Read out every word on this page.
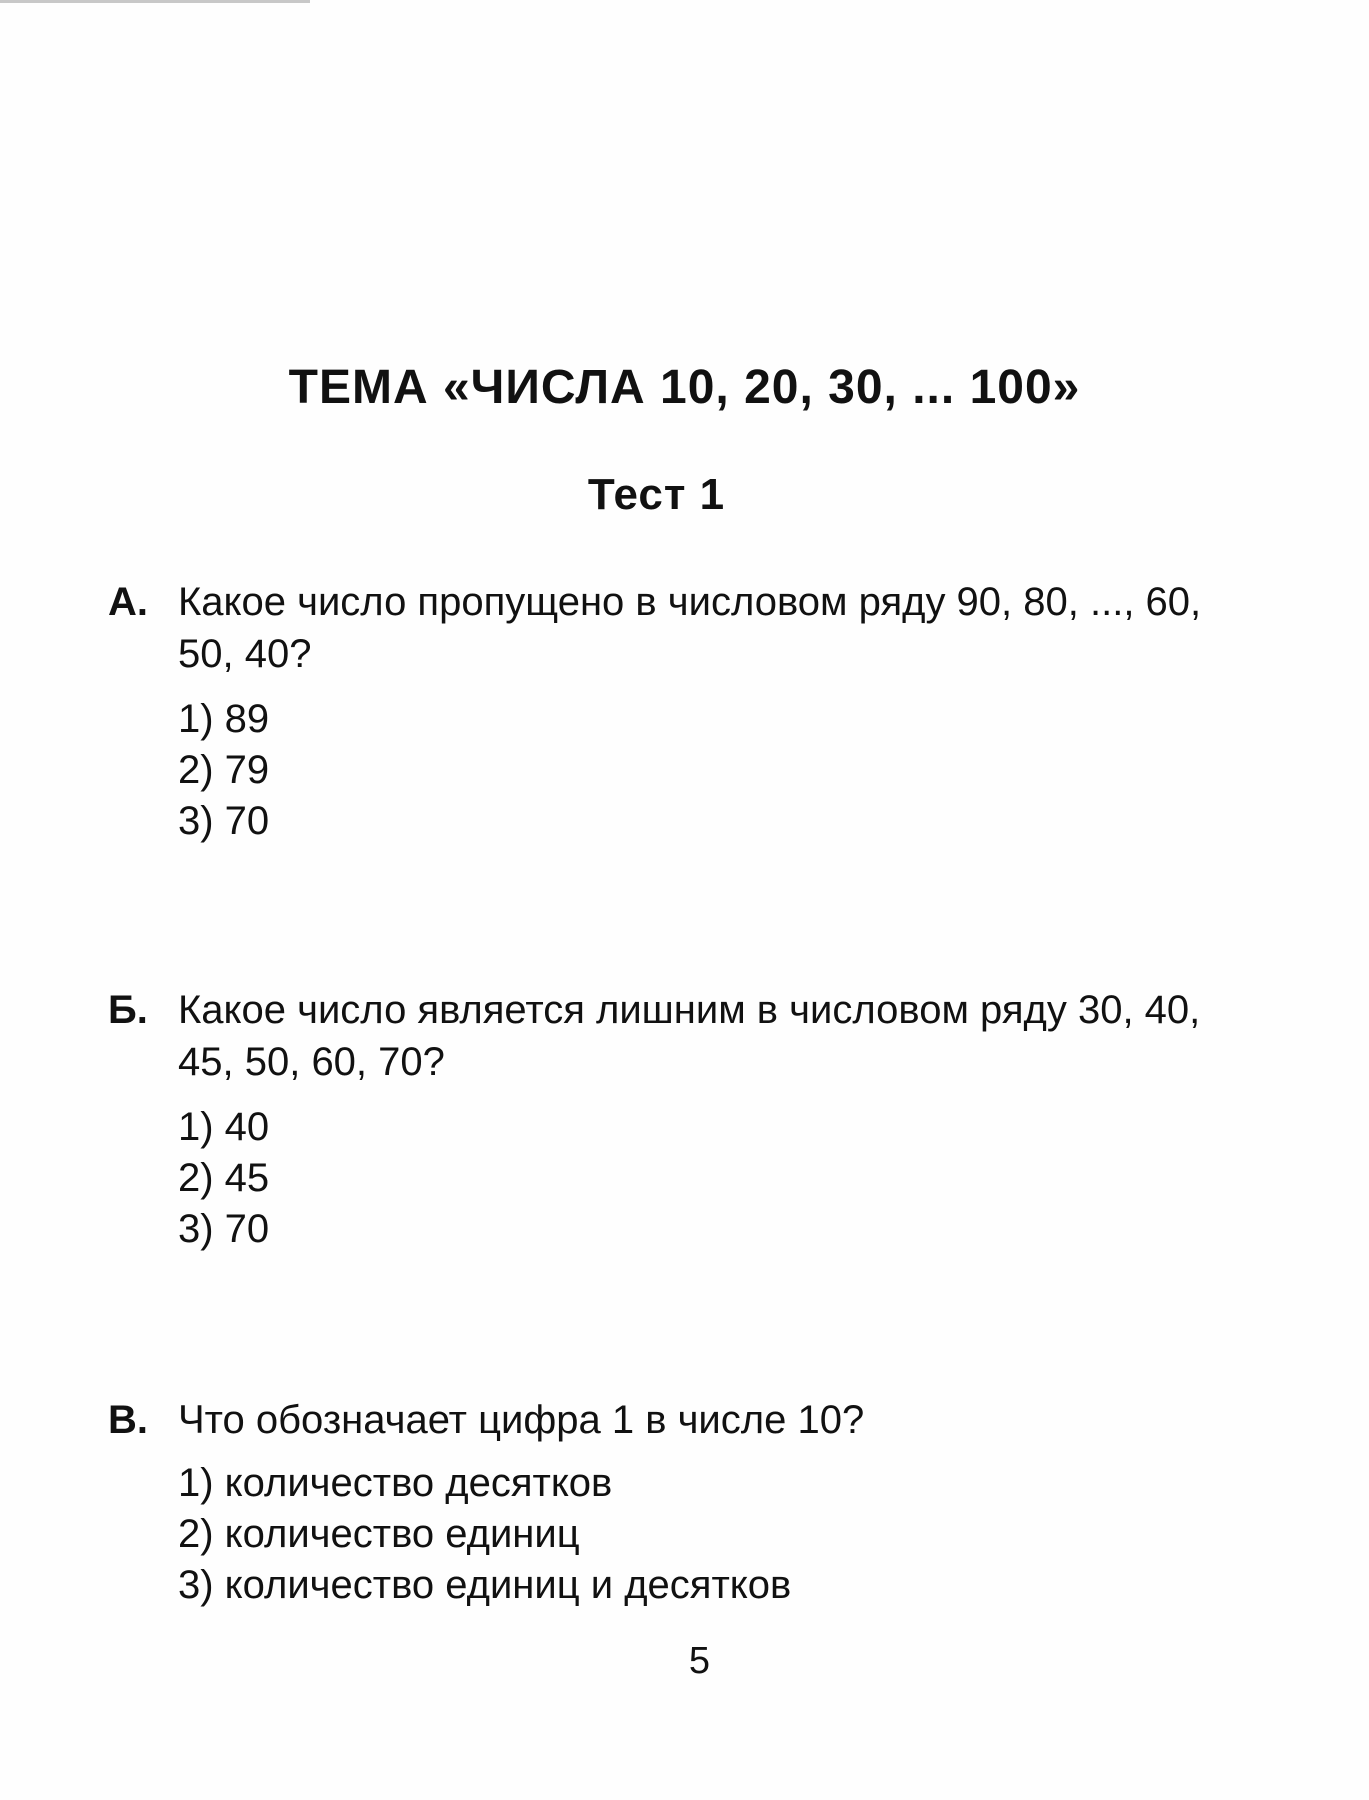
ТЕМА «ЧИСЛА 10, 20, 30, ... 100»
Тест 1
А. Какое число пропущено в числовом ряду 90, 80, ..., 60, 50, 40?

1) 89
2) 79
3) 70
Б. Какое число является лишним в числовом ряду 30, 40, 45, 50, 60, 70?

1) 40
2) 45
3) 70
В. Что обозначает цифра 1 в числе 10?

1) количество десятков
2) количество единиц
3) количество единиц и десятков
5
